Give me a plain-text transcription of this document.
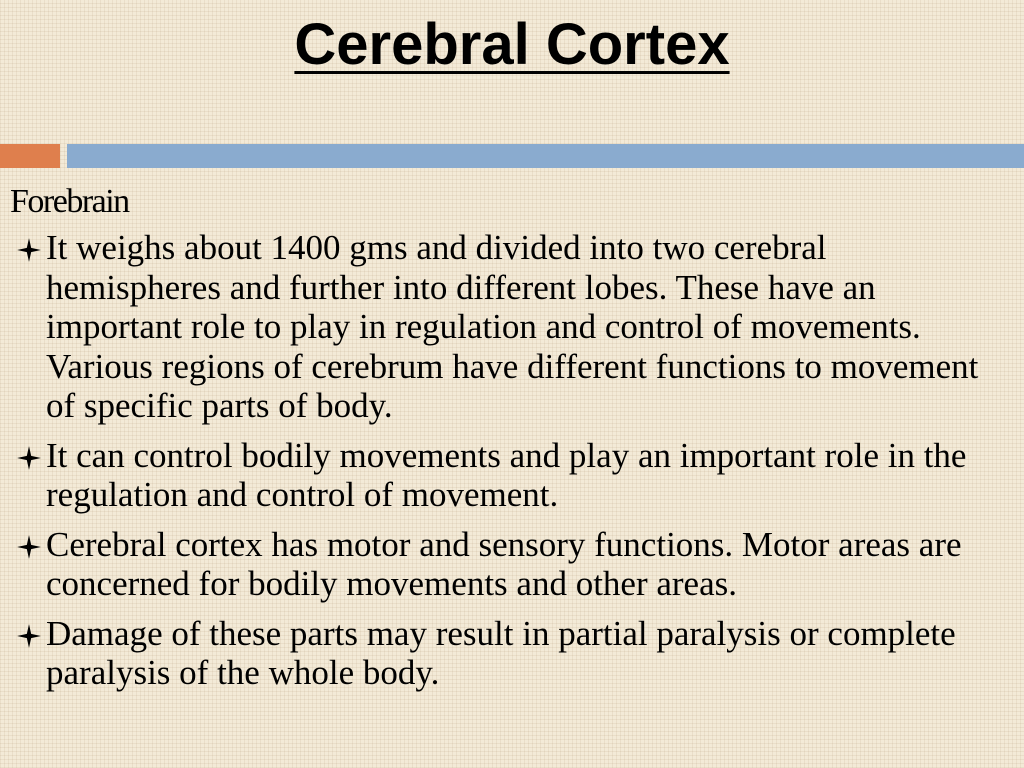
Cerebral Cortex
Forebrain
It weighs about 1400 gms and divided into two cerebral hemispheres and further into different lobes. These have an important role to play in regulation and control of movements. Various regions of cerebrum have different functions to movement of specific parts of body.
It can control bodily movements and play an important role in the regulation and control of movement.
Cerebral cortex has motor and sensory functions. Motor areas are concerned for bodily movements and other areas.
Damage of these parts may result in partial paralysis or complete paralysis of the whole body.
